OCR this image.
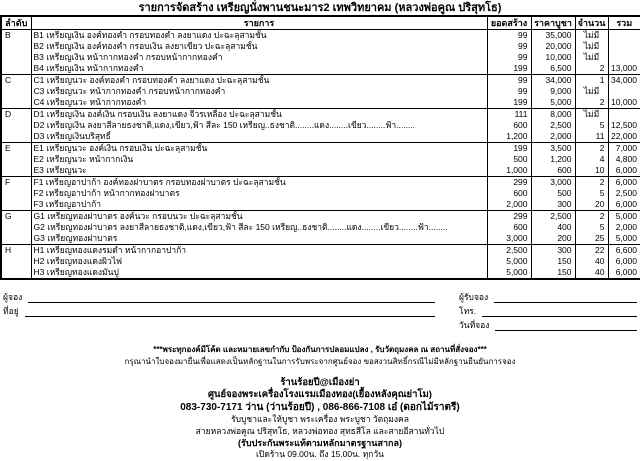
รายการจัดสร้าง เหรียญนั่งพานชนะมาร2 เทพวิทยาคม (หลวงพ่อคูณ ปริสุทโธ)
ลำดับ	รายการ	ยอดสร้าง	ราคาบูชา	จำนวน	รวม
B	B1 เหรียญเงิน องค์ทองคำ กรอบทองคำ ลงยาแดง ปะฉะลุสามชั้น	99	35,000	ไม่มี	
	B2 เหรียญเงิน องค์ทองคำ กรอบเงิน ลงยาเขียว ปะฉะลุสามชั้น	99	20,000	ไม่มี	
	B3 เหรียญเงิน หน้ากากทองคำ กรอบหน้ากากทองคำ	99	10,000	ไม่มี	
	B4 เหรียญเงิน หน้ากากทองคำ	199	6,500	2	13,000
C	C1 เหรียญนวะ องค์ทองคำ กรอบทองคำ ลงยาแดง ปะฉะลุสามชั้น	99	34,000	1	34,000
	C3 เหรียญนวะ หน้ากากทองคำ กรอบหน้ากากทองคำ	99	9,000	ไม่มี	
	C4 เหรียญนวะ หน้ากากทองคำ	199	5,000	2	10,000
D	D1 เหรียญเงิน องค์เงิน กรอบเงิน ลงยาแดง จีวรเหลือง ปะฉะลุสามชั้น	111	8,000	ไม่มี	
	D2 เหรียญเงิน ลงยาสีลายธงชาติ,แดง,เขียว,ฟ้า สีละ 150 เหรียญ..ธงชาติ........แดง........เขียว........ฟ้า........	600	2,500	5	12,500
	D3 เหรียญเงินบริสุทธิ์	1,200	2,000	11	22,000
E	E1 เหรียญนวะ องค์เงิน กรอบเงิน ปะฉะลุสามชั้น	199	3,500	2	7,000
	E2 เหรียญนวะ หน้ากากเงิน	500	1,200	4	4,800
	E3 เหรียญนวะ	1,000	600	10	6,000
F	F1 เหรียญอาปาก้า องค์ทองฝาบาตร กรอบทองฝาบาตร ปะฉะลุสามชั้น	299	3,000	2	6,000
	F2 เหรียญอาปาก้า หน้ากากทองฝาบาตร	600	500	5	2,500
	F3 เหรียญอาปาก้า	2,000	300	20	6,000
G	G1 เหรียญทองฝาบาตร องค์นวะ กรอบนวะ ปะฉะลุสามชั้น	299	2,500	2	5,000
	G2 เหรียญทองฝาบาตร ลงยาสีลายธงชาติ,แดง,เขียว,ฟ้า สีละ 150 เหรียญ..ธงชาติ........แดง........เขียว........ฟ้า........	600	400	5	2,000
	G3 เหรียญทองฝาบาตร	3,000	200	25	5,000
H	H1 เหรียญทองแดงรมดำ หน้ากากอาปาก้า	2,500	300	22	6,600
	H2 เหรียญทองแดงผิวไฟ	5,000	150	40	6,000
	H3 เหรียญทองแดงมันปู	5,000	150	40	6,000
ผู้จอง
ที่อยู่
ผู้รับจอง
โทร.
วันที่จอง
***พระทุกองค์มีโค้ด และหมายเลขกำกับ ป้องกันการปลอมแปลง , รับวัตถุมงคล ณ สถานที่สั่งจอง***
กรุณานำใบจองมายื่นเพื่อแสดงเป็นหลักฐานในการรับพระจากศูนย์จอง ขอสงวนสิทธิ์กรณีไม่มีหลักฐานยืนยันการจอง
ร้านร้อยปี@เมืองย่า
ศูนย์จองพระเครื่องโรงแรมเมืองทอง(เยื้องหลังคุณย่าโม)
083-730-7171 ว่าน (ว่านร้อยปี) , 086-866-7108 เอ๋ (ดอกไม้ราตรี)
รับบูชาและให้บูชา พระเครื่อง พระบูชา วัตถุมงคล
สายหลวงพ่อคูณ ปริสุทโธ, หลวงพ่อทอง สุทธสีโล และสายอีสานทั่วไป
(รับประกันพระแท้ตามหลักมาตรฐานสากล)
เปิดร้าน 09.00น. ถึง 15.00น. ทุกวัน
